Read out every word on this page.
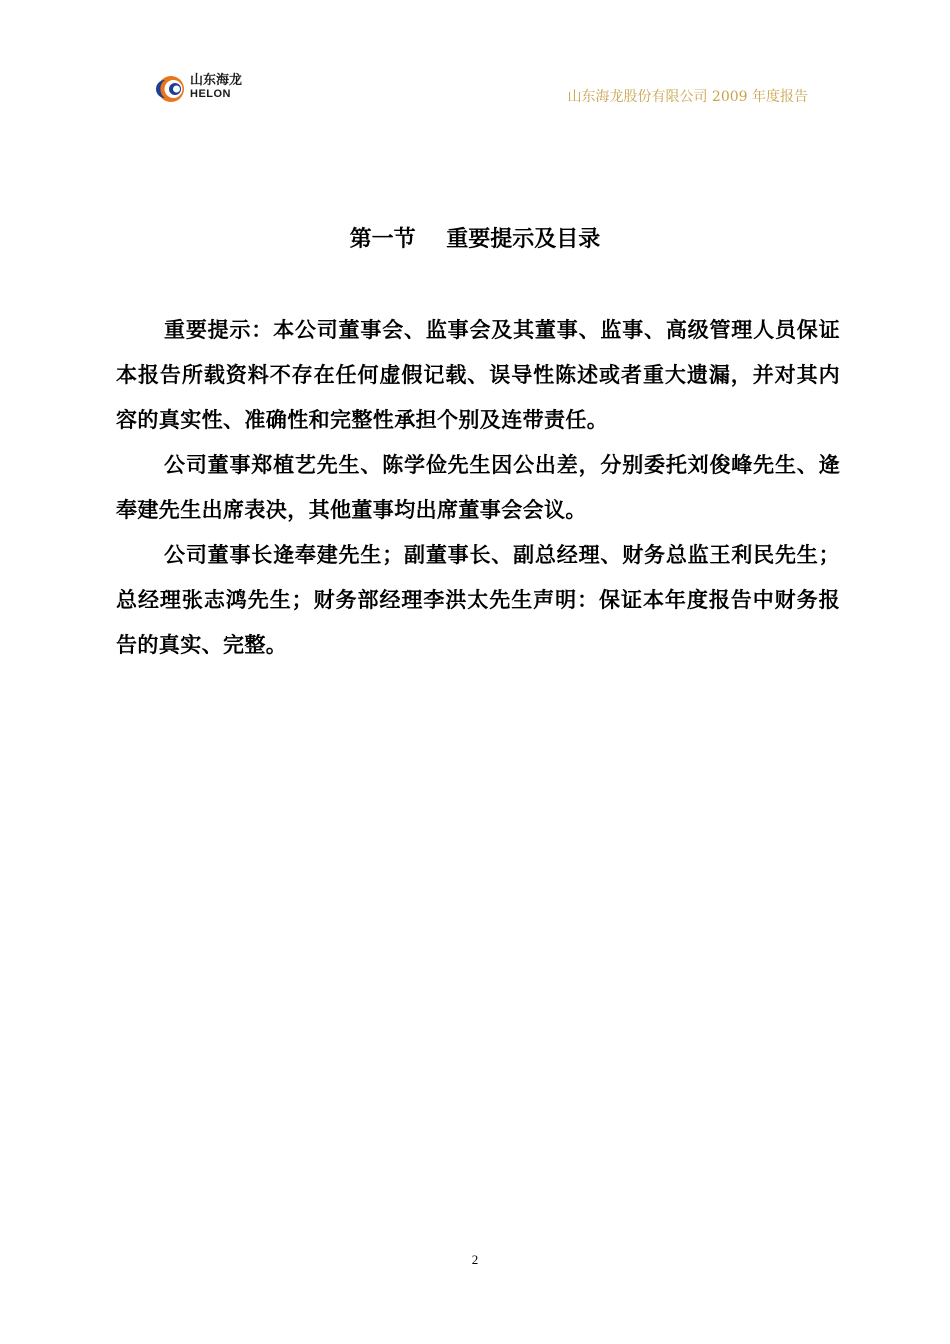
山东海龙
HELON	山东海龙股份有限公司 2009 年度报告
第一节    重要提示及目录

重要提示：本公司董事会、监事会及其董事、监事、高级管理人员保证本报告所载资料不存在任何虚假记载、误导性陈述或者重大遗漏，并对其内容的真实性、准确性和完整性承担个别及连带责任。

公司董事郑植艺先生、陈学俭先生因公出差，分别委托刘俊峰先生、逄奉建先生出席表决，其他董事均出席董事会会议。

公司董事长逄奉建先生；副董事长、副总经理、财务总监王利民先生；总经理张志鸿先生；财务部经理李洪太先生声明：保证本年度报告中财务报告的真实、完整。

2
